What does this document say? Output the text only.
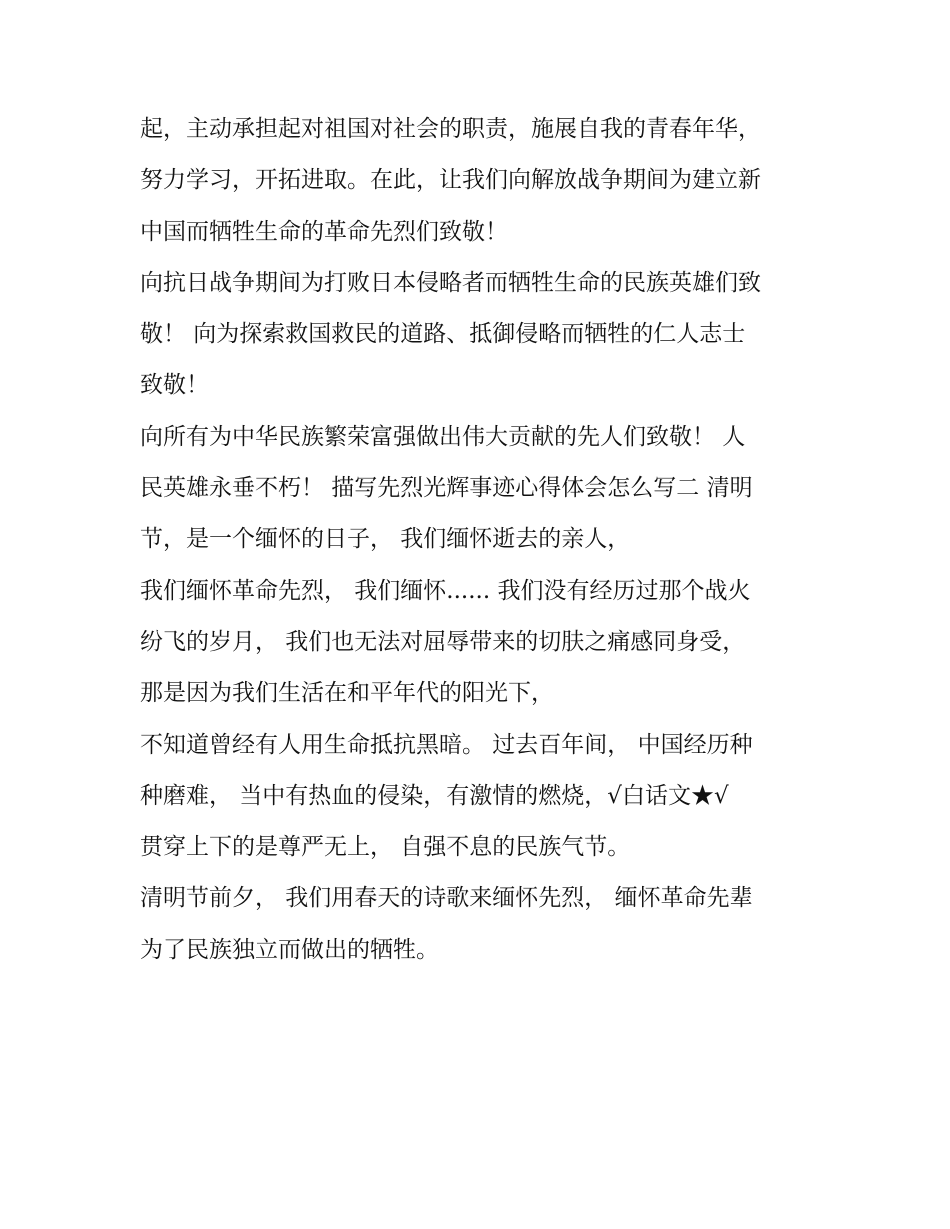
起，主动承担起对祖国对社会的职责，施展自我的青春年华，
努力学习，开拓进取。在此，让我们向解放战争期间为建立新
中国而牺牲生命的革命先烈们致敬！
向抗日战争期间为打败日本侵略者而牺牲生命的民族英雄们致
敬！ 向为探索救国救民的道路、抵御侵略而牺牲的仁人志士
致敬！
向所有为中华民族繁荣富强做出伟大贡献的先人们致敬！ 人
民英雄永垂不朽！ 描写先烈光辉事迹心得体会怎么写二 清明
节，是一个缅怀的日子， 我们缅怀逝去的亲人，
我们缅怀革命先烈， 我们缅怀...... 我们没有经历过那个战火
纷飞的岁月， 我们也无法对屈辱带来的切肤之痛感同身受，
那是因为我们生活在和平年代的阳光下，
不知道曾经有人用生命抵抗黑暗。 过去百年间， 中国经历种
种磨难， 当中有热血的侵染，有激情的燃烧，√白话文★√
贯穿上下的是尊严无上， 自强不息的民族气节。
清明节前夕， 我们用春天的诗歌来缅怀先烈， 缅怀革命先辈
为了民族独立而做出的牺牲。
